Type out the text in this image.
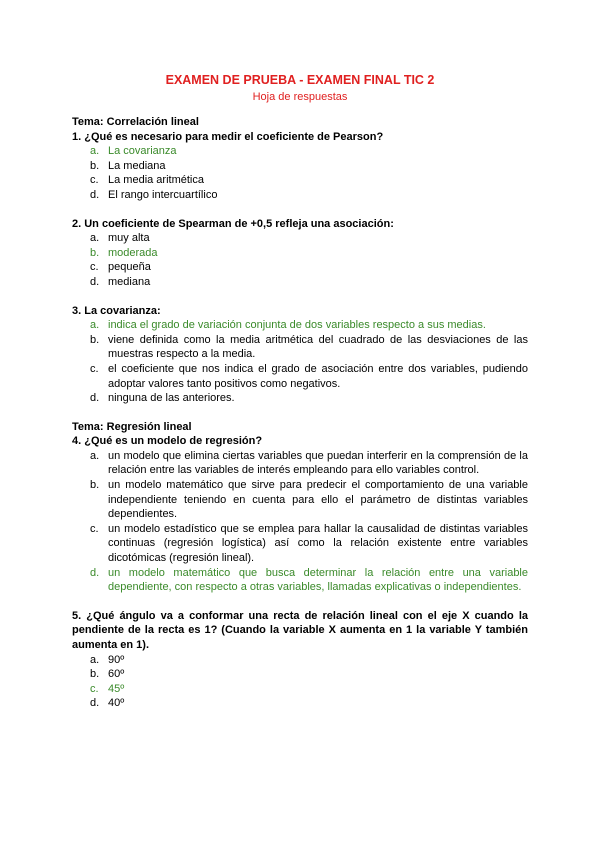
EXAMEN DE PRUEBA - EXAMEN FINAL TIC 2
Hoja de respuestas
Tema: Correlación lineal
1. ¿Qué es necesario para medir el coeficiente de Pearson?
a. La covarianza
b. La mediana
c. La media aritmética
d. El rango intercuartílico
2. Un coeficiente de Spearman de +0,5 refleja una asociación:
a. muy alta
b. moderada
c. pequeña
d. mediana
3. La covarianza:
a. indica el grado de variación conjunta de dos variables respecto a sus medias.
b. viene definida como la media aritmética del cuadrado de las desviaciones de las muestras respecto a la media.
c. el coeficiente que nos indica el grado de asociación entre dos variables, pudiendo adoptar valores tanto positivos como negativos.
d. ninguna de las anteriores.
Tema: Regresión lineal
4. ¿Qué es un modelo de regresión?
a. un modelo que elimina ciertas variables que puedan interferir en la comprensión de la relación entre las variables de interés empleando para ello variables control.
b. un modelo matemático que sirve para predecir el comportamiento de una variable independiente teniendo en cuenta para ello el parámetro de distintas variables dependientes.
c. un modelo estadístico que se emplea para hallar la causalidad de distintas variables continuas (regresión logística) así como la relación existente entre variables dicotómicas (regresión lineal).
d. un modelo matemático que busca determinar la relación entre una variable dependiente, con respecto a otras variables, llamadas explicativas o independientes.
5. ¿Qué ángulo va a conformar una recta de relación lineal con el eje X cuando la pendiente de la recta es 1? (Cuando la variable X aumenta en 1 la variable Y también aumenta en 1).
a. 90º
b. 60º
c. 45º
d. 40º
